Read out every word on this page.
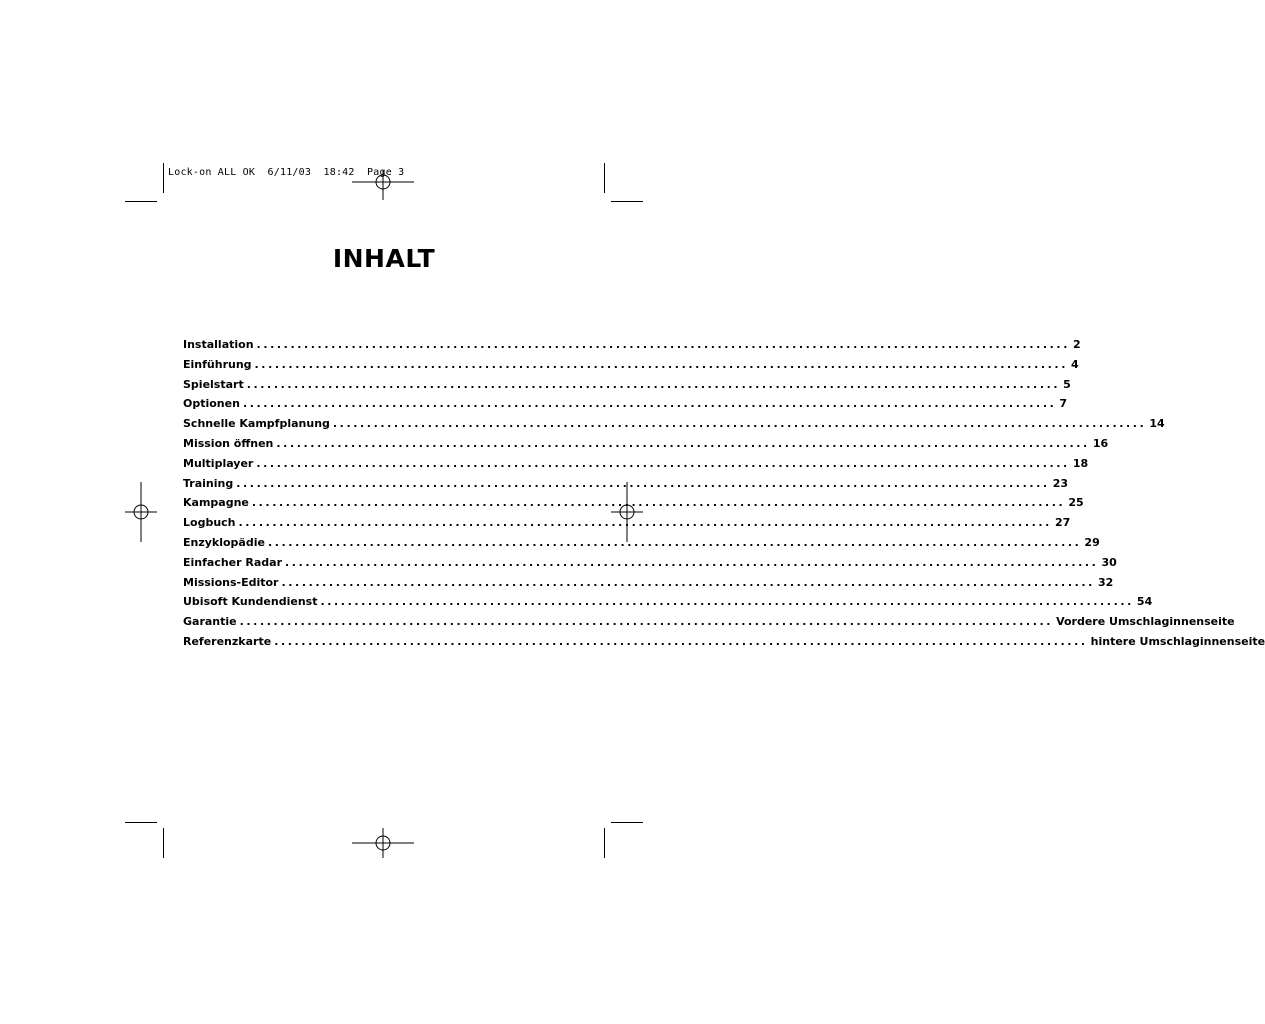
Lock-on ALL OK  6/11/03  18:42  Page 3
INHALT
Installation ........................................................................................................................ 2
Einführung ........................................................................................................................ 4
Spielstart ........................................................................................................................ 5
Optionen ........................................................................................................................ 7
Schnelle Kampfplanung ........................................................................................................................ 14
Mission öffnen ........................................................................................................................ 16
Multiplayer ........................................................................................................................ 18
Training ........................................................................................................................ 23
Kampagne ........................................................................................................................ 25
Logbuch ........................................................................................................................ 27
Enzyklopädie ........................................................................................................................ 29
Einfacher Radar ........................................................................................................................ 30
Missions-Editor ........................................................................................................................ 32
Ubisoft Kundendienst ........................................................................................................................ 54
Garantie ........................................................................................................................ Vordere Umschlaginnenseite
Referenzkarte ........................................................................................................................ hintere Umschlaginnenseite
